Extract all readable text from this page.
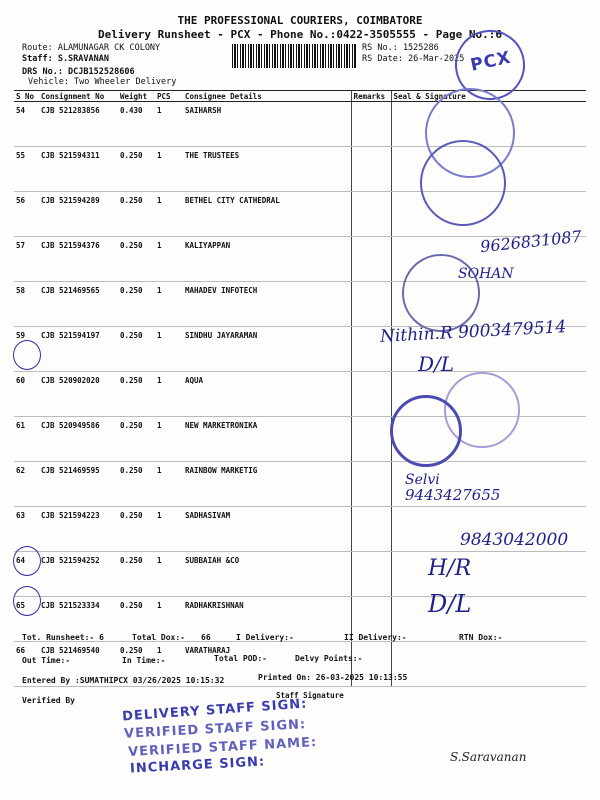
THE PROFESSIONAL COURIERS, COIMBATORE
Delivery Runsheet - PCX - Phone No.:0422-3505555 - Page No.:6
Route: ALAMUNAGAR CK COLONY
Staff: S.SRAVANAN
DRS No.: DCJB152528606
Vehicle: Two Wheeler Delivery
RS No.: 1525286
RS Date: 26-Mar-2025
S No	Consignment No	Weight	PCS	Consignee Details	Remarks	Seal & Signature
54	CJB 521283856	0.430	1	SAIHARSH		
55	CJB 521594311	0.250	1	THE TRUSTEES		
56	CJB 521594289	0.250	1	BETHEL CITY CATHEDRAL		
57	CJB 521594376	0.250	1	KALIYAPPAN		
58	CJB 521469565	0.250	1	MAHADEV INFOTECH		
59	CJB 521594197	0.250	1	SINDHU JAYARAMAN		
60	CJB 520902020	0.250	1	AQUA		
61	CJB 520949586	0.250	1	NEW MARKETRONIKA		
62	CJB 521469595	0.250	1	RAINBOW MARKETIG		
63	CJB 521594223	0.250	1	SADHASIVAM		
64	CJB 521594252	0.250	1	SUBBAIAH &CO		
65	CJB 521523334	0.250	1	RADHAKRISHNAN		
66	CJB 521469540	0.250	1	VARATHARAJ		
Tot. Runsheet:- 6	Total Dox:- 66	I Delivery:-	II Delivery:-	RTN Dox:-
Out Time:-	In Time:-	Total POD:-	Delvy Points:-
Entered By :SUMATHIPCX 03/26/2025 10:15:32	Printed On: 26-03-2025 10:13:55
Verified By
Staff Signature
PCX
DELIVERY STAFF SIGN:
VERIFIED STAFF SIGN:
VERIFIED STAFF NAME:
INCHARGE SIGN:
9626831087
SOHAN
Nithin.R 9003479514
D/L
Selvi
9443427655
9843042000
H/R
D/L
S.Saravanan
